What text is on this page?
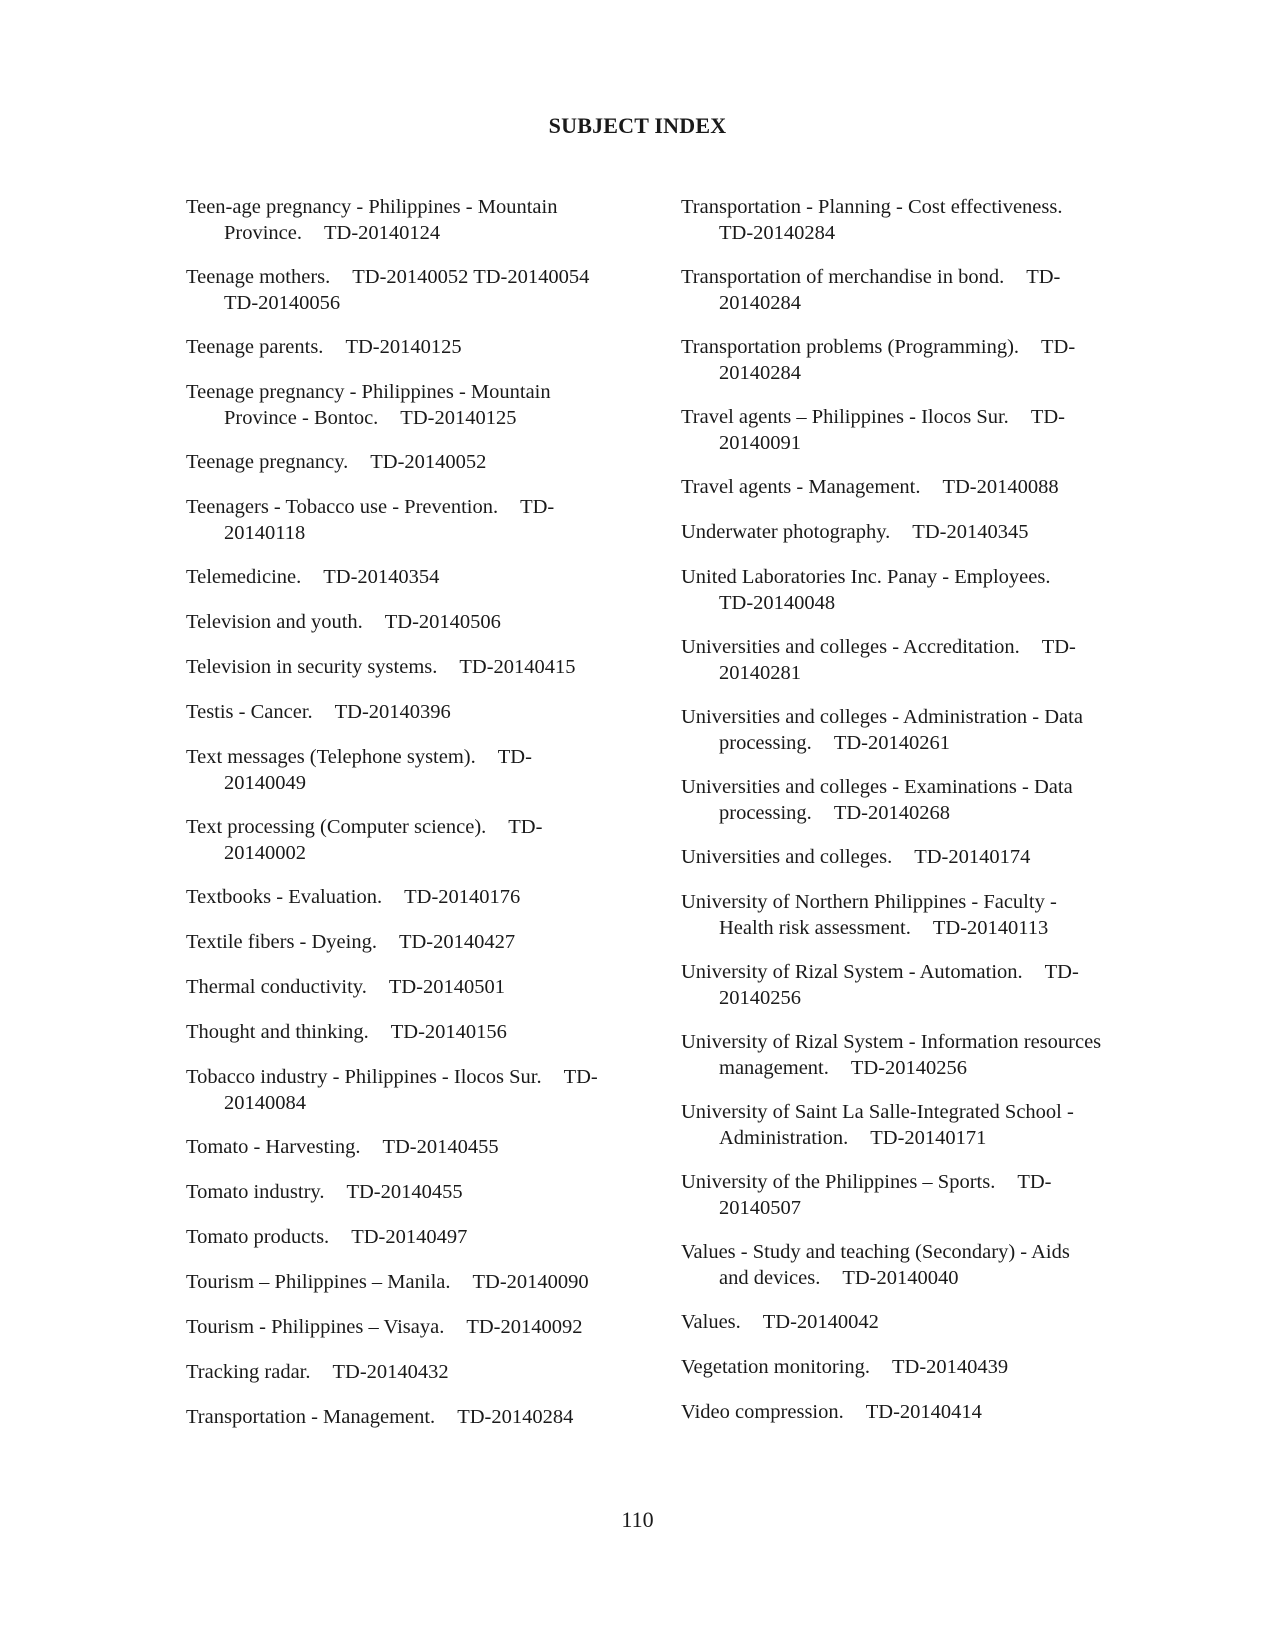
SUBJECT INDEX
Teen-age pregnancy - Philippines - Mountain
Province. TD-20140124
Teenage mothers. TD-20140052 TD-20140054
TD-20140056
Teenage parents. TD-20140125
Teenage pregnancy - Philippines - Mountain
Province - Bontoc. TD-20140125
Teenage pregnancy. TD-20140052
Teenagers - Tobacco use - Prevention. TD-
20140118
Telemedicine. TD-20140354
Television and youth. TD-20140506
Television in security systems. TD-20140415
Testis - Cancer. TD-20140396
Text messages (Telephone system). TD-
20140049
Text processing (Computer science). TD-
20140002
Textbooks - Evaluation. TD-20140176
Textile fibers - Dyeing. TD-20140427
Thermal conductivity. TD-20140501
Thought and thinking. TD-20140156
Tobacco industry - Philippines - Ilocos Sur. TD-
20140084
Tomato - Harvesting. TD-20140455
Tomato industry. TD-20140455
Tomato products. TD-20140497
Tourism – Philippines – Manila. TD-20140090
Tourism - Philippines – Visaya. TD-20140092
Tracking radar. TD-20140432
Transportation - Management. TD-20140284
Transportation - Planning - Cost effectiveness.
TD-20140284
Transportation of merchandise in bond. TD-
20140284
Transportation problems (Programming). TD-
20140284
Travel agents – Philippines - Ilocos Sur. TD-
20140091
Travel agents - Management. TD-20140088
Underwater photography. TD-20140345
United Laboratories Inc. Panay - Employees.
TD-20140048
Universities and colleges - Accreditation. TD-
20140281
Universities and colleges - Administration - Data
processing. TD-20140261
Universities and colleges - Examinations - Data
processing. TD-20140268
Universities and colleges. TD-20140174
University of Northern Philippines - Faculty -
Health risk assessment. TD-20140113
University of Rizal System - Automation. TD-
20140256
University of Rizal System - Information resources
management. TD-20140256
University of Saint La Salle-Integrated School -
Administration. TD-20140171
University of the Philippines – Sports. TD-
20140507
Values - Study and teaching (Secondary) - Aids
and devices. TD-20140040
Values. TD-20140042
Vegetation monitoring. TD-20140439
Video compression. TD-20140414
110
